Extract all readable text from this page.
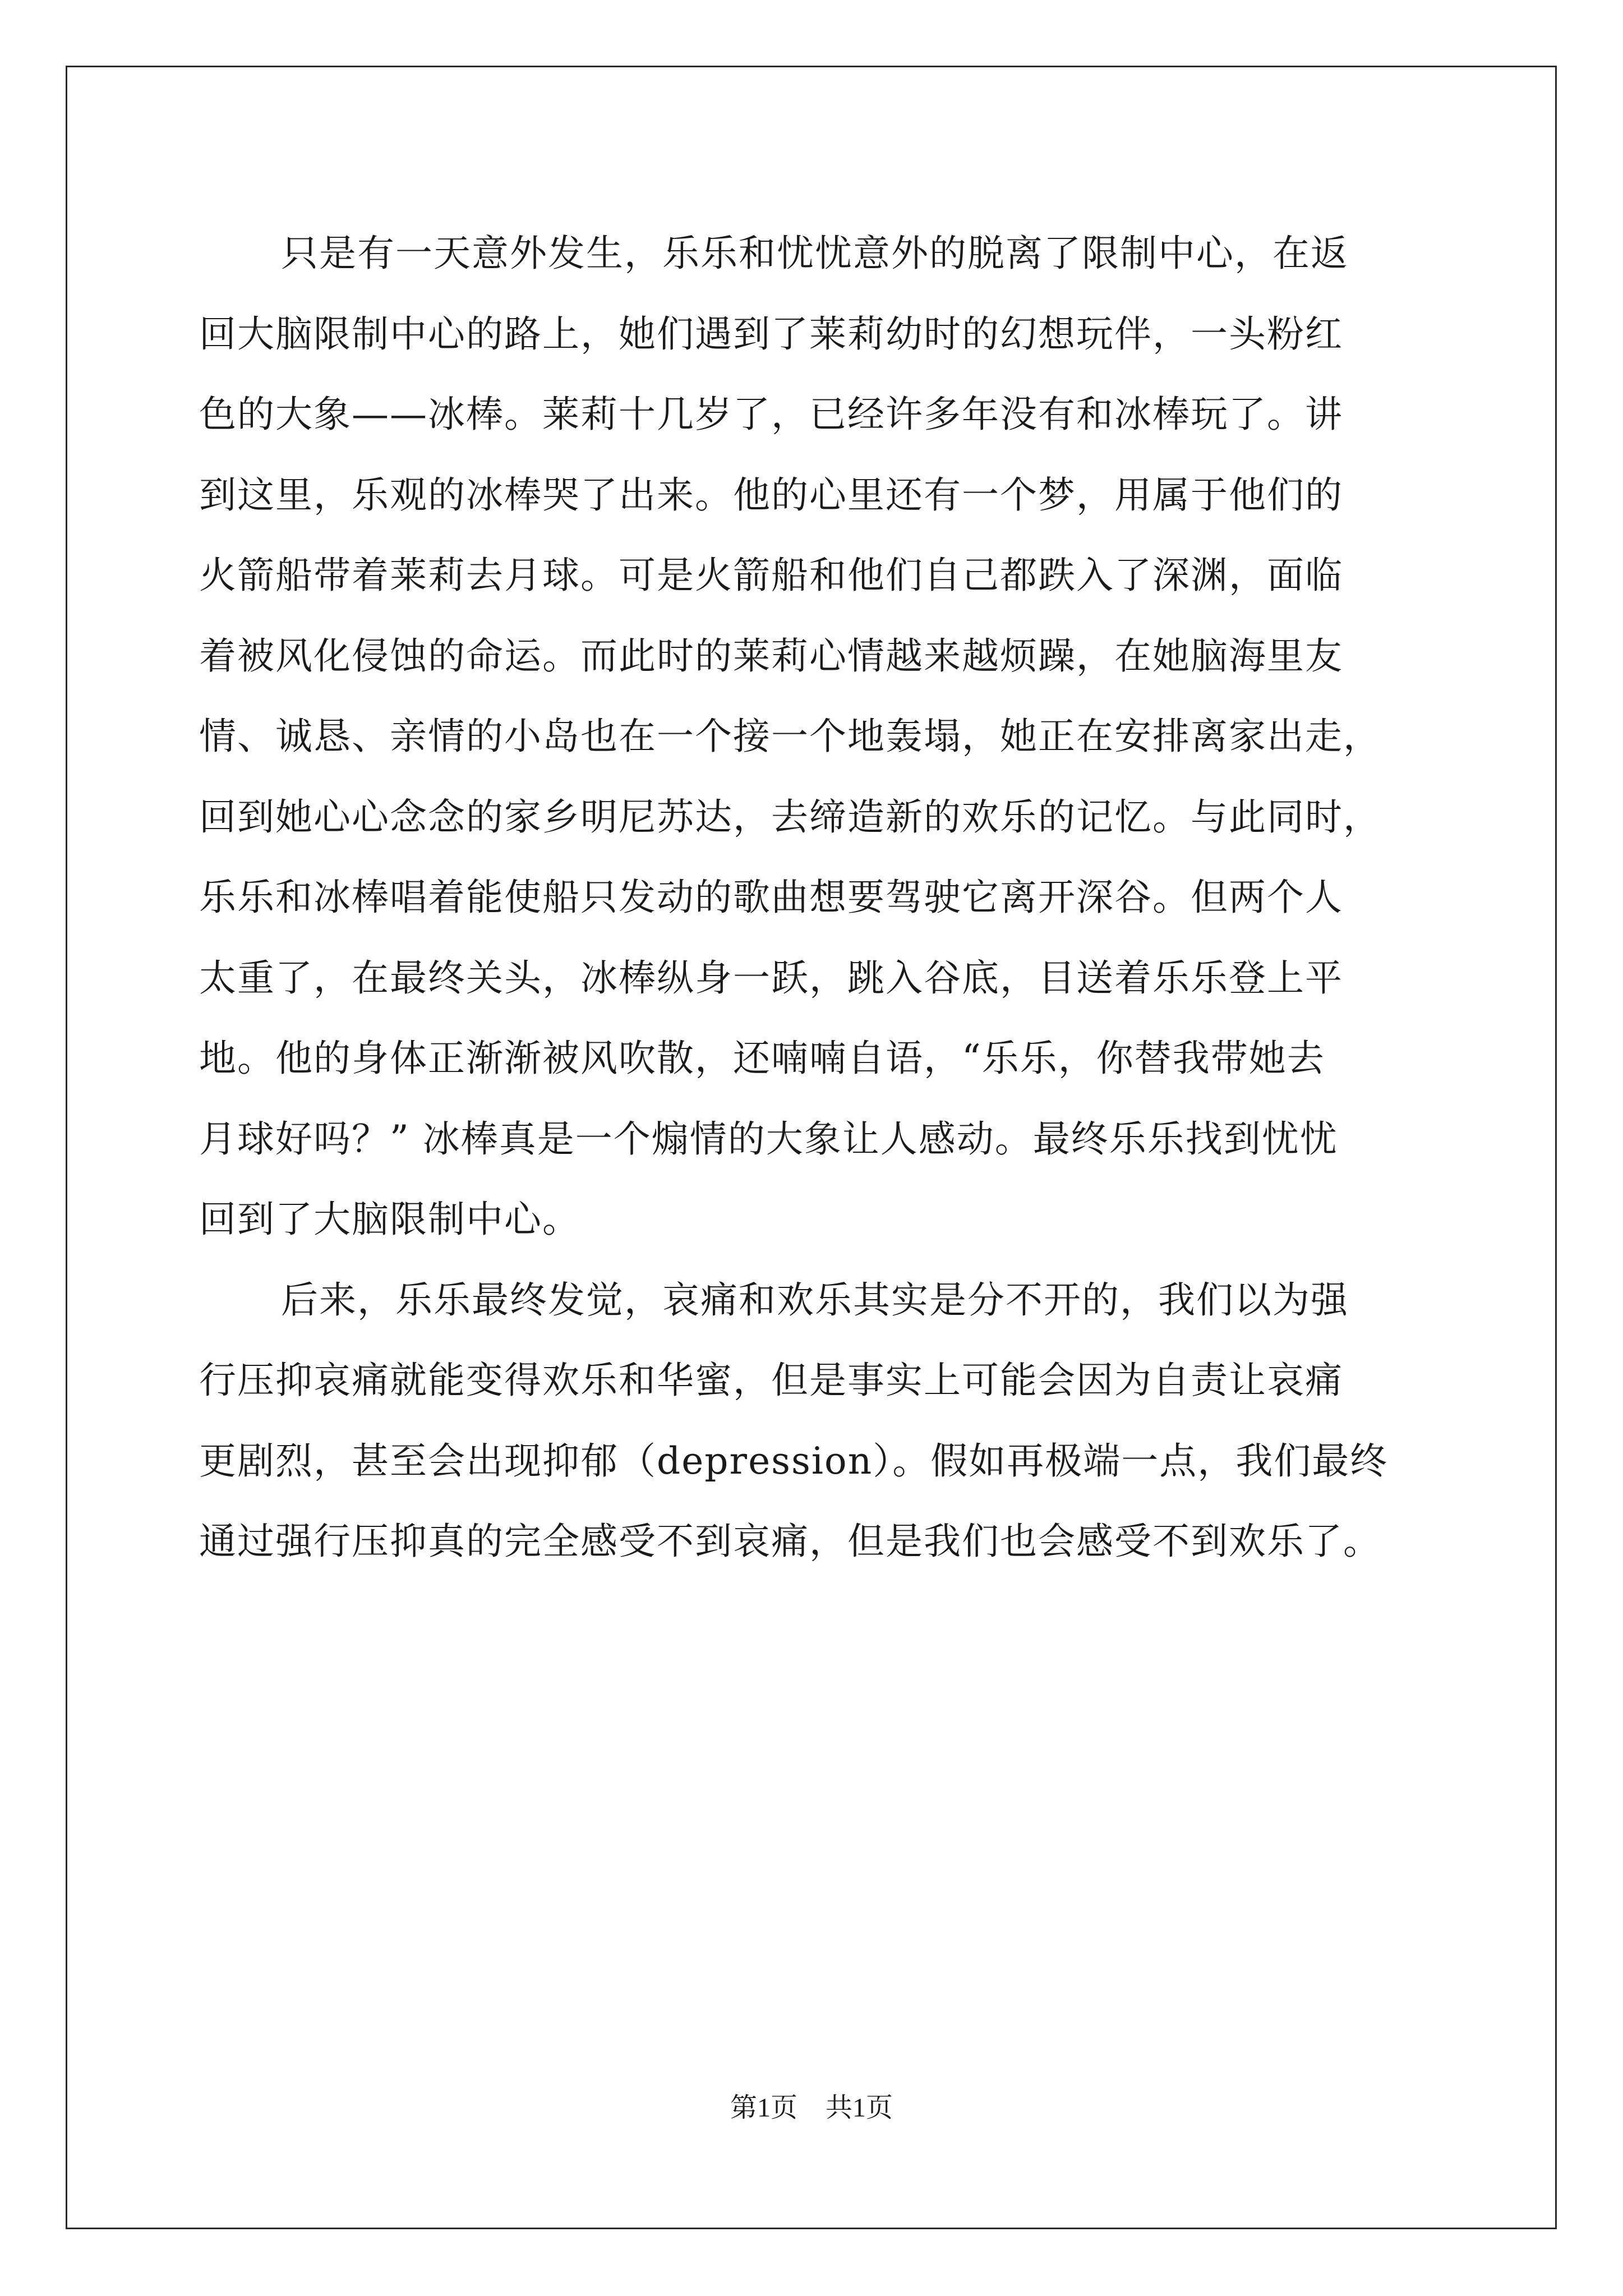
只是有一天意外发生，乐乐和忧忧意外的脱离了限制中心，在返
回大脑限制中心的路上，她们遇到了莱莉幼时的幻想玩伴，一头粉红
色的大象——冰棒。莱莉十几岁了，已经许多年没有和冰棒玩了。讲
到这里，乐观的冰棒哭了出来。他的心里还有一个梦，用属于他们的
火箭船带着莱莉去月球。可是火箭船和他们自己都跌入了深渊，面临
着被风化侵蚀的命运。而此时的莱莉心情越来越烦躁，在她脑海里友
情、诚恳、亲情的小岛也在一个接一个地轰塌，她正在安排离家出走，
回到她心心念念的家乡明尼苏达，去缔造新的欢乐的记忆。与此同时，
乐乐和冰棒唱着能使船只发动的歌曲想要驾驶它离开深谷。但两个人
太重了，在最终关头，冰棒纵身一跃，跳入谷底，目送着乐乐登上平
地。他的身体正渐渐被风吹散，还喃喃自语，“乐乐，你替我带她去
月球好吗？” 冰棒真是一个煽情的大象让人感动。最终乐乐找到忧忧
回到了大脑限制中心。
后来，乐乐最终发觉，哀痛和欢乐其实是分不开的，我们以为强
行压抑哀痛就能变得欢乐和华蜜，但是事实上可能会因为自责让哀痛
更剧烈，甚至会出现抑郁（depression）。假如再极端一点，我们最终
通过强行压抑真的完全感受不到哀痛，但是我们也会感受不到欢乐了。
第1页 共1页
